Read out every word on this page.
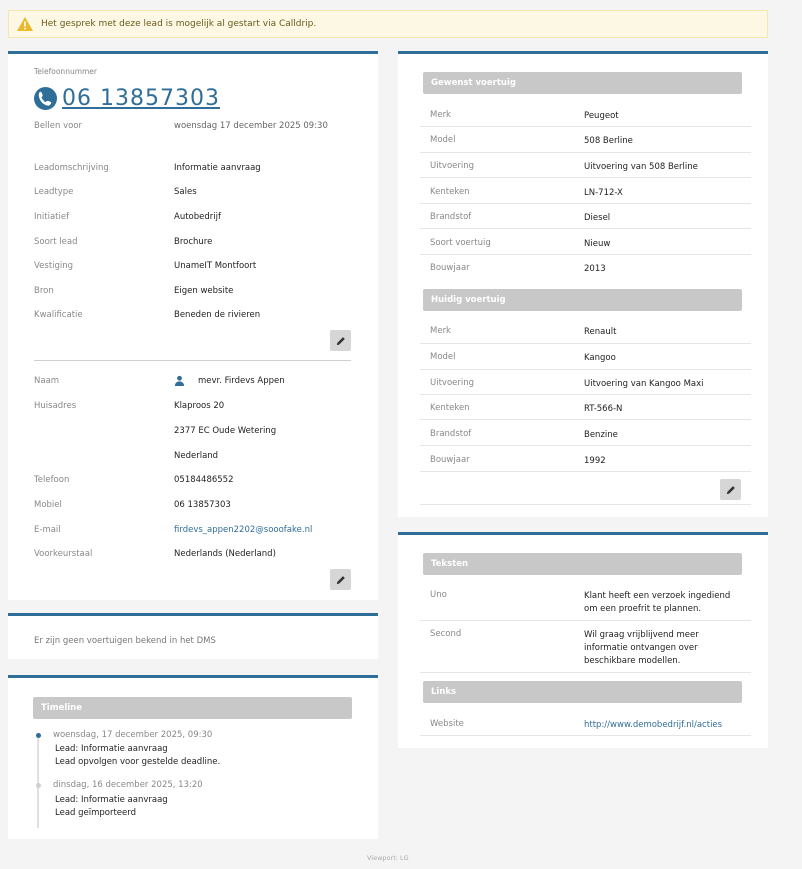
Het gesprek met deze lead is mogelijk al gestart via Calldrip.
Telefoonnummer
06 13857303
Bellen voor	woensdag 17 december 2025 09:30
Leadomschrijving	Informatie aanvraag
Leadtype	Sales
Initiatief	Autobedrijf
Soort lead	Brochure
Vestiging	UnameIT Montfoort
Bron	Eigen website
Kwalificatie	Beneden de rivieren
Naam	mevr. Firdevs Appen
Huisadres	Klaproos 20
2377 EC Oude Wetering
Nederland
Telefoon	05184486552
Mobiel	06 13857303
E-mail	firdevs_appen2202@sooofake.nl
Voorkeurstaal	Nederlands (Nederland)
Er zijn geen voertuigen bekend in het DMS
Timeline
woensdag, 17 december 2025, 09:30
Lead: Informatie aanvraag
Lead opvolgen voor gestelde deadline.
dinsdag, 16 december 2025, 13:20
Lead: Informatie aanvraag
Lead geïmporteerd
Gewenst voertuig
Merk	Peugeot
Model	508 Berline
Uitvoering	Uitvoering van 508 Berline
Kenteken	LN-712-X
Brandstof	Diesel
Soort voertuig	Nieuw
Bouwjaar	2013
Huidig voertuig
Merk	Renault
Model	Kangoo
Uitvoering	Uitvoering van Kangoo Maxi
Kenteken	RT-566-N
Brandstof	Benzine
Bouwjaar	1992
Teksten
Uno	Klant heeft een verzoek ingediend om een proefrit te plannen.
Second	Wil graag vrijblijvend meer informatie ontvangen over beschikbare modellen.
Links
Website	http://www.demobedrijf.nl/acties
Viewport: LG
